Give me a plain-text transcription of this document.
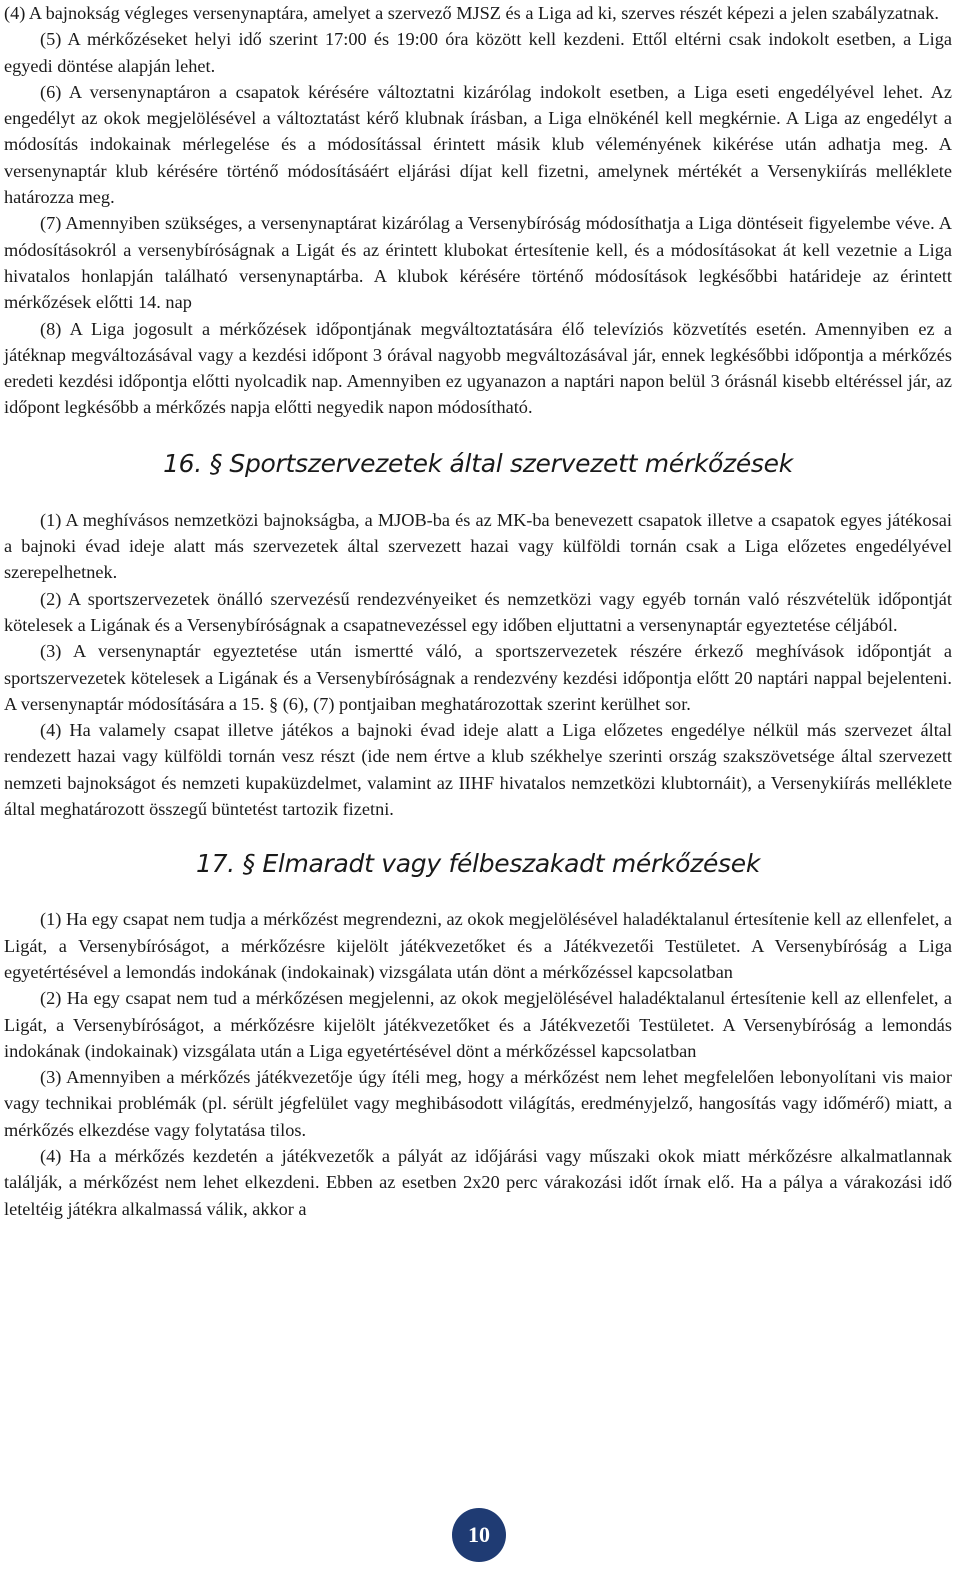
(4) A bajnokság végleges versenynaptára, amelyet a szervező MJSZ és a Liga ad ki, szerves részét képezi a jelen szabályzatnak.

(5) A mérkőzéseket helyi idő szerint 17:00 és 19:00 óra között kell kezdeni. Ettől eltérni csak indokolt esetben, a Liga egyedi döntése alapján lehet.

(6) A versenynaptáron a csapatok kérésére változtatni kizárólag indokolt esetben, a Liga eseti engedélyével lehet. Az engedélyt az okok megjelölésével a változtatást kérő klubnak írásban, a Liga elnökénél kell megkérnie. A Liga az engedélyt a módosítás indokainak mérlegelése és a módosítással érintett másik klub véleményének kikérése után adhatja meg. A versenynaptár klub kérésére történő módosításáért eljárási díjat kell fizetni, amelynek mértékét a Versenykiírás melléklete határozza meg.

(7) Amennyiben szükséges, a versenynaptárat kizárólag a Versenybíróság módosíthatja a Liga döntéseit figyelembe véve. A módosításokról a versenybíróságnak a Ligát és az érintett klubokat értesítenie kell, és a módosításokat át kell vezetnie a Liga hivatalos honlapján található versenynaptárba. A klubok kérésére történő módosítások legkésőbbi határideje az érintett mérkőzések előtti 14. nap

(8) A Liga jogosult a mérkőzések időpontjának megváltoztatására élő televíziós közvetítés esetén. Amennyiben ez a játéknap megváltozásával vagy a kezdési időpont 3 órával nagyobb megváltozásával jár, ennek legkésőbbi időpontja a mérkőzés eredeti kezdési időpontja előtti nyolcadik nap. Amennyiben ez ugyanazon a naptári napon belül 3 órásnál kisebb eltéréssel jár, az időpont legkésőbb a mérkőzés napja előtti negyedik napon módosítható.

16. § Sportszervezetek által szervezett mérkőzések

(1) A meghívásos nemzetközi bajnokságba, a MJOB-ba és az MK-ba benevezett csapatok illetve a csapatok egyes játékosai a bajnoki évad ideje alatt más szervezetek által szervezett hazai vagy külföldi tornán csak a Liga előzetes engedélyével szerepelhetnek.

(2) A sportszervezetek önálló szervezésű rendezvényeiket és nemzetközi vagy egyéb tornán való részvételük időpontját kötelesek a Ligának és a Versenybíróságnak a csapatnevezéssel egy időben eljuttatni a versenynaptár egyeztetése céljából.

(3) A versenynaptár egyeztetése után ismertté váló, a sportszervezetek részére érkező meghívások időpontját a sportszervezetek kötelesek a Ligának és a Versenybíróságnak a rendezvény kezdési időpontja előtt 20 naptári nappal bejelenteni. A versenynaptár módosítására a 15. § (6), (7) pontjaiban meghatározottak szerint kerülhet sor.

(4) Ha valamely csapat illetve játékos a bajnoki évad ideje alatt a Liga előzetes engedélye nélkül más szervezet által rendezett hazai vagy külföldi tornán vesz részt (ide nem értve a klub székhelye szerinti ország szakszövetsége által szervezett nemzeti bajnokságot és nemzeti kupaküzdelmet, valamint az IIHF hivatalos nemzetközi klubtornáit), a Versenykiírás melléklete által meghatározott összegű büntetést tartozik fizetni.

17. § Elmaradt vagy félbeszakadt mérkőzések

(1) Ha egy csapat nem tudja a mérkőzést megrendezni, az okok megjelölésével haladéktalanul értesítenie kell az ellenfelet, a Ligát, a Versenybíróságot, a mérkőzésre kijelölt játékvezetőket és a Játékvezetői Testületet. A Versenybíróság a Liga egyetértésével a lemondás indokának (indokainak) vizsgálata után dönt a mérkőzéssel kapcsolatban

(2) Ha egy csapat nem tud a mérkőzésen megjelenni, az okok megjelölésével haladéktalanul értesítenie kell az ellenfelet, a Ligát, a Versenybíróságot, a mérkőzésre kijelölt játékvezetőket és a Játékvezetői Testületet. A Versenybíróság a lemondás indokának (indokainak) vizsgálata után a Liga egyetértésével dönt a mérkőzéssel kapcsolatban

(3) Amennyiben a mérkőzés játékvezetője úgy ítéli meg, hogy a mérkőzést nem lehet megfelelően lebonyolítani vis maior vagy technikai problémák (pl. sérült jégfelület vagy meghibásodott világítás, eredményjelző, hangosítás vagy időmérő) miatt, a mérkőzés elkezdése vagy folytatása tilos.

(4) Ha a mérkőzés kezdetén a játékvezetők a pályát az időjárási vagy műszaki okok miatt mérkőzésre alkalmatlannak találják, a mérkőzést nem lehet elkezdeni. Ebben az esetben 2x20 perc várakozási időt írnak elő. Ha a pálya a várakozási idő leteltéig játékra alkalmassá válik, akkor a

10
